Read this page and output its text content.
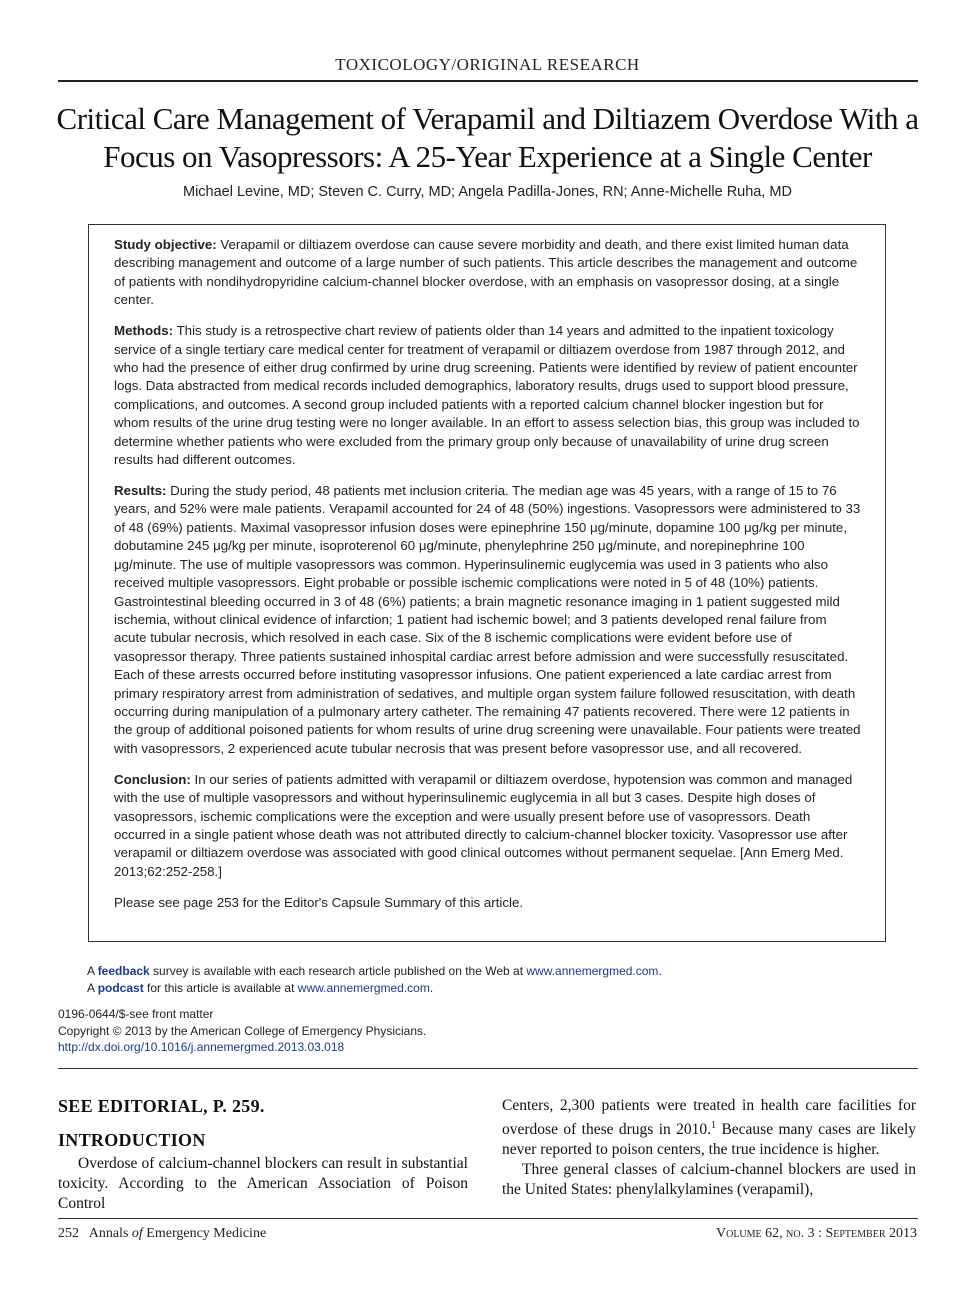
TOXICOLOGY/ORIGINAL RESEARCH
Critical Care Management of Verapamil and Diltiazem Overdose With a
Focus on Vasopressors: A 25-Year Experience at a Single Center
Michael Levine, MD; Steven C. Curry, MD; Angela Padilla-Jones, RN; Anne-Michelle Ruha, MD

Study objective: Verapamil or diltiazem overdose can cause severe morbidity and death, and there exist limited human data describing management and outcome of a large number of such patients. This article describes the management and outcome of patients with nondihydropyridine calcium-channel blocker overdose, with an emphasis on vasopressor dosing, at a single center.

Methods: This study is a retrospective chart review of patients older than 14 years and admitted to the inpatient toxicology service of a single tertiary care medical center for treatment of verapamil or diltiazem overdose from 1987 through 2012, and who had the presence of either drug confirmed by urine drug screening. Patients were identified by review of patient encounter logs. Data abstracted from medical records included demographics, laboratory results, drugs used to support blood pressure, complications, and outcomes. A second group included patients with a reported calcium channel blocker ingestion but for whom results of the urine drug testing were no longer available. In an effort to assess selection bias, this group was included to determine whether patients who were excluded from the primary group only because of unavailability of urine drug screen results had different outcomes.

Results: During the study period, 48 patients met inclusion criteria. The median age was 45 years, with a range of 15 to 76 years, and 52% were male patients. Verapamil accounted for 24 of 48 (50%) ingestions. Vasopressors were administered to 33 of 48 (69%) patients. Maximal vasopressor infusion doses were epinephrine 150 μg/minute, dopamine 100 μg/kg per minute, dobutamine 245 μg/kg per minute, isoproterenol 60 μg/minute, phenylephrine 250 μg/minute, and norepinephrine 100 μg/minute. The use of multiple vasopressors was common. Hyperinsulinemic euglycemia was used in 3 patients who also received multiple vasopressors. Eight probable or possible ischemic complications were noted in 5 of 48 (10%) patients. Gastrointestinal bleeding occurred in 3 of 48 (6%) patients; a brain magnetic resonance imaging in 1 patient suggested mild ischemia, without clinical evidence of infarction; 1 patient had ischemic bowel; and 3 patients developed renal failure from acute tubular necrosis, which resolved in each case. Six of the 8 ischemic complications were evident before use of vasopressor therapy. Three patients sustained inhospital cardiac arrest before admission and were successfully resuscitated. Each of these arrests occurred before instituting vasopressor infusions. One patient experienced a late cardiac arrest from primary respiratory arrest from administration of sedatives, and multiple organ system failure followed resuscitation, with death occurring during manipulation of a pulmonary artery catheter. The remaining 47 patients recovered. There were 12 patients in the group of additional poisoned patients for whom results of urine drug screening were unavailable. Four patients were treated with vasopressors, 2 experienced acute tubular necrosis that was present before vasopressor use, and all recovered.

Conclusion: In our series of patients admitted with verapamil or diltiazem overdose, hypotension was common and managed with the use of multiple vasopressors and without hyperinsulinemic euglycemia in all but 3 cases. Despite high doses of vasopressors, ischemic complications were the exception and were usually present before use of vasopressors. Death occurred in a single patient whose death was not attributed directly to calcium-channel blocker toxicity. Vasopressor use after verapamil or diltiazem overdose was associated with good clinical outcomes without permanent sequelae. [Ann Emerg Med. 2013;62:252-258.]

Please see page 253 for the Editor's Capsule Summary of this article.

A feedback survey is available with each research article published on the Web at www.annemergmed.com.
A podcast for this article is available at www.annemergmed.com.
0196-0644/$-see front matter
Copyright © 2013 by the American College of Emergency Physicians.
http://dx.doi.org/10.1016/j.annemergmed.2013.03.018
SEE EDITORIAL, P. 259.
INTRODUCTION

Overdose of calcium-channel blockers can result in substantial toxicity. According to the American Association of Poison Control

Centers, 2,300 patients were treated in health care facilities for overdose of these drugs in 2010.$^1$ Because many cases are likely never reported to poison centers, the true incidence is higher.

Three general classes of calcium-channel blockers are used in the United States: phenylalkylamines (verapamil),

252 Annals of Emergency Medicine	Volume 62, no. 3 : September 2013
